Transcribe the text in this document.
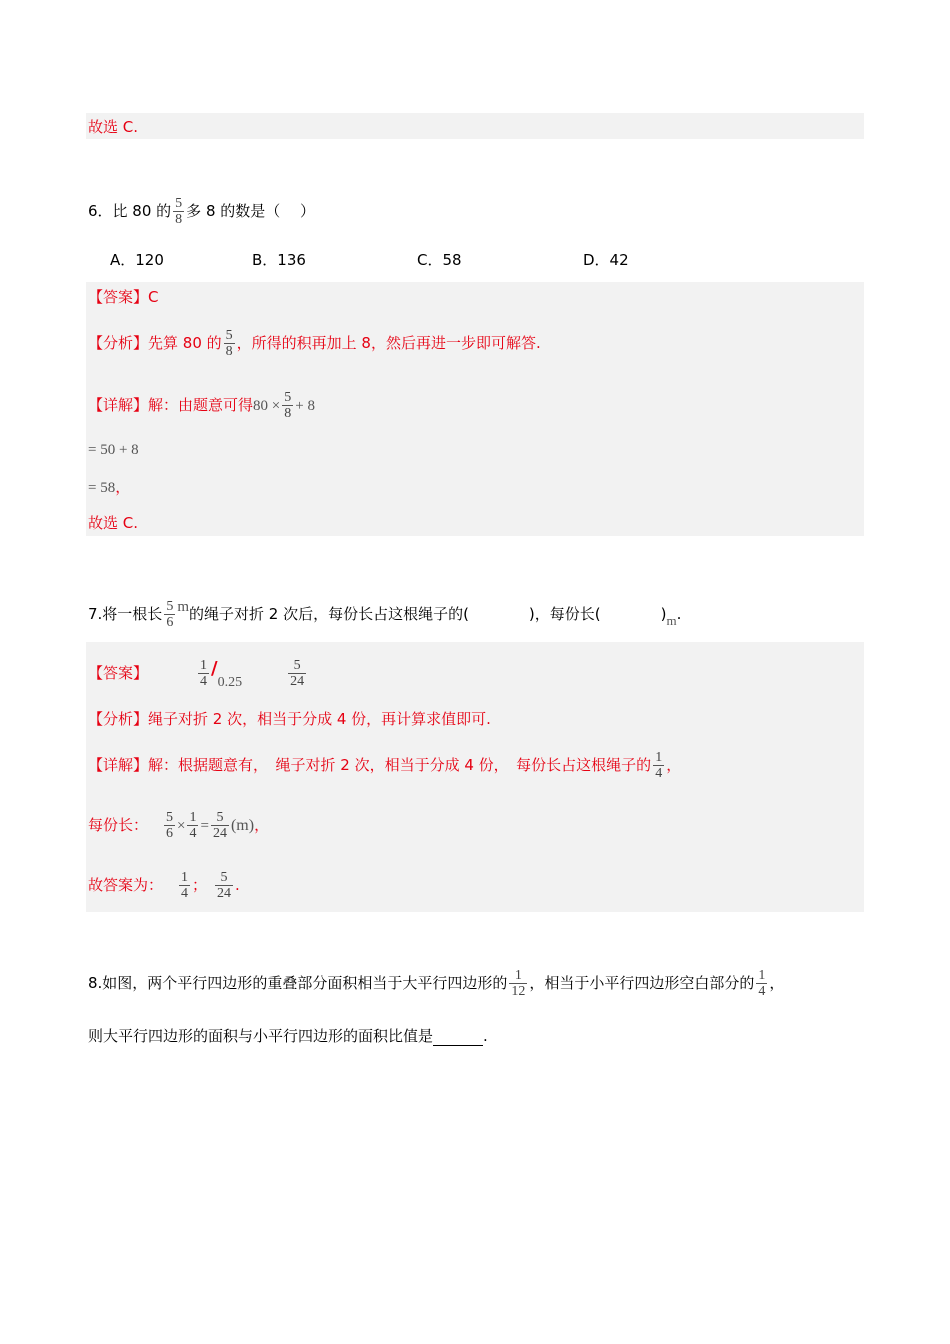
故选 C.
6．比 80 的 $\frac{5}{8}$ 多 8 的数是（　 ）
A．120	B．136	C．58	D．42
【答案】C
【分析】先算 80 的 $\frac{5}{8}$ ，所得的积再加上 8，然后再进一步即可解答.
【详解】解：由题意可得$80 \times \frac{5}{8} + 8$
= 50 + 8
= 58，
故选 C.
7.将一根长 $\frac{5}{6}$ m的绳子对折 2 次后，每份长占这根绳子的(　　　　)，每份长(　　　　)m.
【答案】	$\frac{1}{4} /0.25$	$\frac{5}{24}$
【分析】绳子对折 2 次，相当于分成 4 份，再计算求值即可.
【详解】解：根据题意有，　绳子对折 2 次，相当于分成 4 份，　每份长占这根绳子的 $\frac{1}{4}$ ，
每份长： $\frac{5}{6} \times \frac{1}{4} = \frac{5}{24} (m)$，
故答案为： $\frac{1}{4}$ ； $\frac{5}{24}$ .
8.如图，两个平行四边形的重叠部分面积相当于大平行四边形的 $\frac{1}{12}$ ，相当于小平行四边形空白部分的 $\frac{1}{4}$ ，
则大平行四边形的面积与小平行四边形的面积比值是	.
